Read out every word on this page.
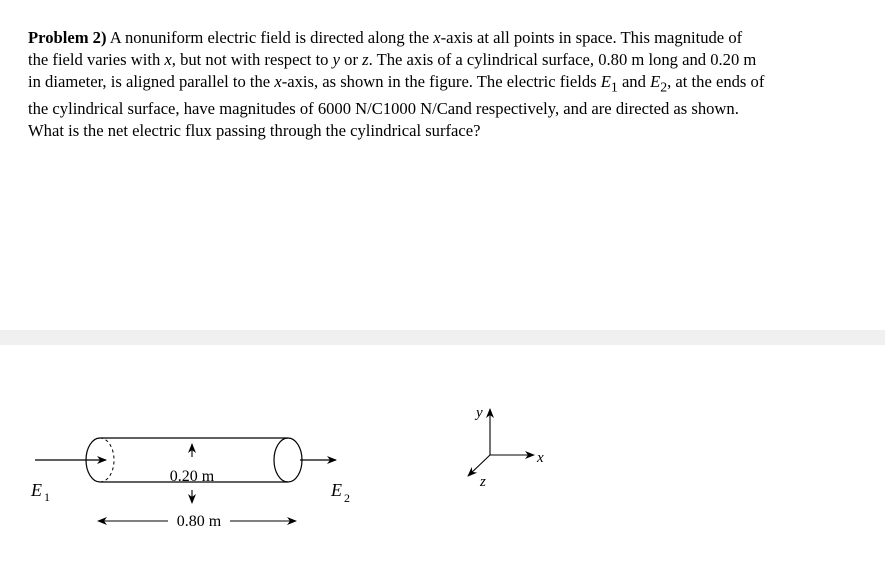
Problem 2) A nonuniform electric field is directed along the x-axis at all points in space. This magnitude of
the field varies with x, but not with respect to y or z. The axis of a cylindrical surface, 0.80 m long and 0.20 m
in diameter, is aligned parallel to the x-axis, as shown in the figure. The electric fields $E_1$ and $E_2$, at the ends of
the cylindrical surface, have magnitudes of 6000 N/C1000 N/Cand respectively, and are directed as shown.
What is the net electric flux passing through the cylindrical surface?
0.20 m
0.80 m
E 1	E 2
y
x
z
